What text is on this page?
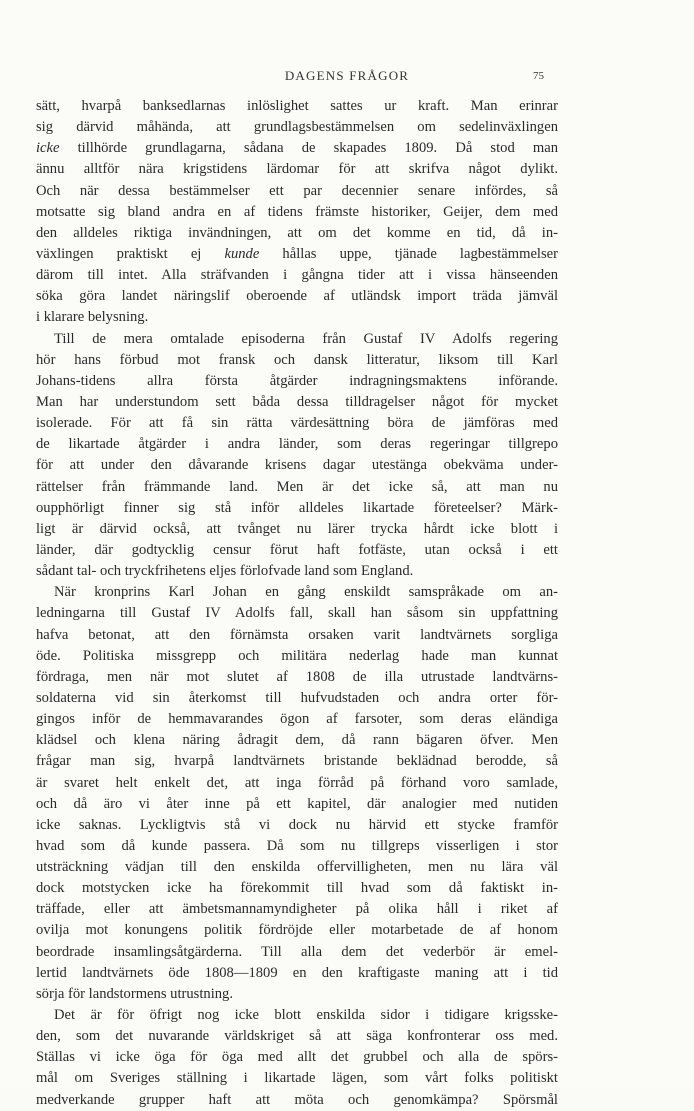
DAGENS FRÅGOR	75
sätt, hvarpå banksedlarnas inlöslighet sattes ur kraft. Man erinrar
sig därvid måhända, att grundlagsbestämmelsen om sedelinväxlingen
icke tillhörde grundlagarna, sådana de skapades 1809. Då stod man
ännu alltför nära krigstidens lärdomar för att skrifva något dylikt.
Och när dessa bestämmelser ett par decennier senare infördes, så
motsatte sig bland andra en af tidens främste historiker, Geijer, dem med
den alldeles riktiga invändningen, att om det komme en tid, då in-
växlingen praktiskt ej kunde hållas uppe, tjänade lagbestämmelser
därom till intet. Alla sträfvanden i gångna tider att i vissa hänseenden
söka göra landet näringslif oberoende af utländsk import träda jämväl
i klarare belysning.
Till de mera omtalade episoderna från Gustaf IV Adolfs regering
hör hans förbud mot fransk och dansk litteratur, liksom till Karl
Johans-tidens allra första åtgärder indragningsmaktens införande.
Man har understundom sett båda dessa tilldragelser något för mycket
isolerade. För att få sin rätta värdesättning böra de jämföras med
de likartade åtgärder i andra länder, som deras regeringar tillgrepo
för att under den dåvarande krisens dagar utestänga obekväma under-
rättelser från främmande land. Men är det icke så, att man nu
oupphörligt finner sig stå inför alldeles likartade företeelser? Märk-
ligt är därvid också, att tvånget nu lärer trycka hårdt icke blott i
länder, där godtycklig censur förut haft fotfäste, utan också i ett
sådant tal- och tryckfrihetens eljes förlofvade land som England.
När kronprins Karl Johan en gång enskildt samspråkade om an-
ledningarna till Gustaf IV Adolfs fall, skall han såsom sin uppfattning
hafva betonat, att den förnämsta orsaken varit landtvärnets sorgliga
öde. Politiska missgrepp och militära nederlag hade man kunnat
fördraga, men när mot slutet af 1808 de illa utrustade landtvärns-
soldaterna vid sin återkomst till hufvudstaden och andra orter för-
gingos inför de hemmavarandes ögon af farsoter, som deras eländiga
klädsel och klena näring ådragit dem, då rann bägaren öfver. Men
frågar man sig, hvarpå landtvärnets bristande beklädnad berodde, så
är svaret helt enkelt det, att inga förråd på förhand voro samlade,
och då äro vi åter inne på ett kapitel, där analogier med nutiden
icke saknas. Lyckligtvis stå vi dock nu härvid ett stycke framför
hvad som då kunde passera. Då som nu tillgreps visserligen i stor
utsträckning vädjan till den enskilda offervilligheten, men nu lära väl
dock motstycken icke ha förekommit till hvad som då faktiskt in-
träffade, eller att ämbetsmannamyndigheter på olika håll i riket af
ovilja mot konungens politik fördröjde eller motarbetade de af honom
beordrade insamlingsåtgärderna. Till alla dem det vederbör är emel-
lertid landtvärnets öde 1808—1809 en den kraftigaste maning att i tid
sörja för landstormens utrustning.
Det är för öfrigt nog icke blott enskilda sidor i tidigare krigsske-
den, som det nuvarande världskriget så att säga konfronterar oss med.
Ställas vi icke öga för öga med allt det grubbel och alla de spörs-
mål om Sveriges ställning i likartade lägen, som vårt folks politiskt
medverkande grupper haft att möta och genomkämpa? Spörsmål
